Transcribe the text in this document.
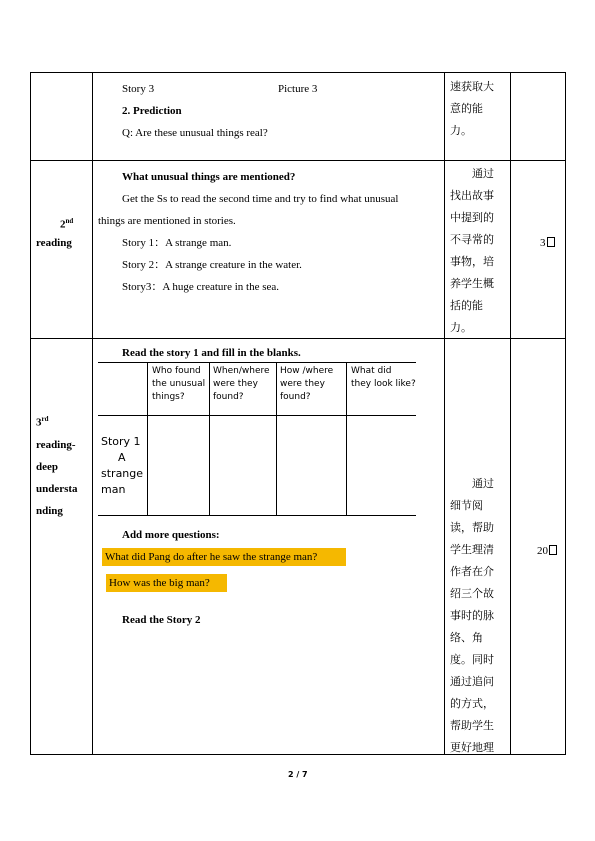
Story 3	Picture 3
2. Prediction
Q: Are these unusual things real?
速获取大
意的能
力。
2nd
reading
What unusual things are mentioned?
Get the Ss to read the second time and try to find what unusual
things are mentioned in stories.
Story 1：A strange man.
Story 2：A strange creature in the water.
Story3：A huge creature in the sea.
通过
找出故事
中提到的
不寻常的
事物，培
养学生概
括的能
力。
3
3rd
reading-
deep
understa
nding
Read the story 1 and fill in the blanks.
Who found
the unusual
things?
When/where
were they
found?
How /where
were they
found?
What did
they look like?
Story 1
A
strange
man
Add more questions:
What did Pang do after he saw the strange man?
How was the big man?
Read the Story 2
通过
细节阅
读，帮助
学生理清
作者在介
绍三个故
事时的脉
络、角
度。同时
通过追问
的方式，
帮助学生
更好地理
20
2 / 7
